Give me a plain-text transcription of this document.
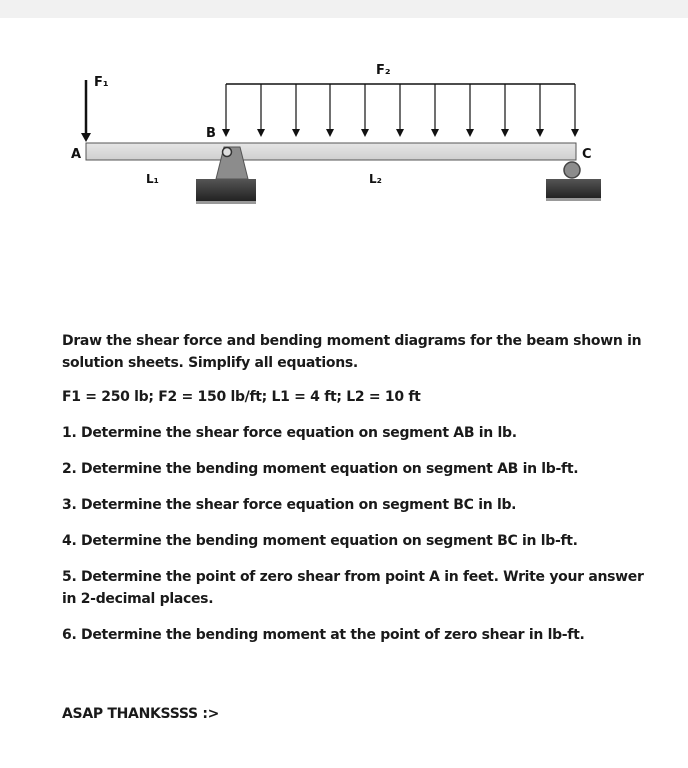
F₁
F₂
A
B
C
L₁	L₂

Draw the shear force and bending moment diagrams for the beam shown in solution sheets. Simplify all equations.

F1 = 250 lb; F2 = 150 lb/ft; L1 = 4 ft; L2 = 10 ft

1. Determine the shear force equation on segment AB in lb.

2. Determine the bending moment equation on segment AB in lb-ft.

3. Determine the shear force equation on segment BC in lb.

4. Determine the bending moment equation on segment BC in lb-ft.

5. Determine the point of zero shear from point A in feet. Write your answer in 2-decimal places.

6. Determine the bending moment at the point of zero shear in lb-ft.

ASAP THANKSSSS :>
